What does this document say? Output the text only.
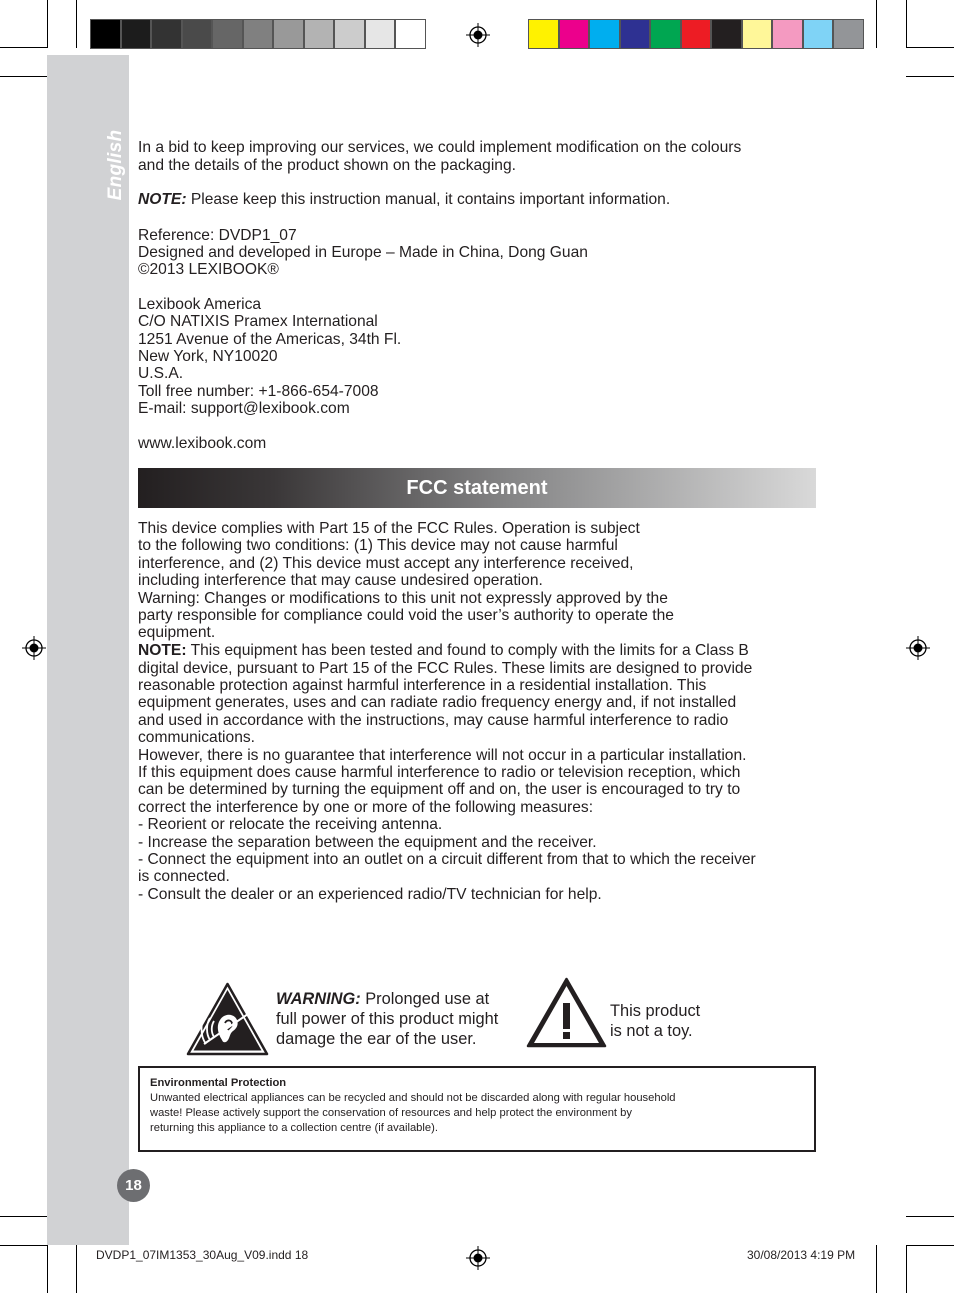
English In a bid to keep improving our services, we could implement modification on the colours
and the details of the product shown on the packaging.
NOTE: Please keep this instruction manual, it contains important information.
Reference: DVDP1_07
Designed and developed in Europe – Made in China, Dong Guan
©2013 LEXIBOOK®
Lexibook America
C/O NATIXIS Pramex International
1251 Avenue of the Americas, 34th Fl.
New York, NY10020
U.S.A.
Toll free number: +1-866-654-7008
E-mail: support@lexibook.com
www.lexibook.com
FCC statement
This device complies with Part 15 of the FCC Rules. Operation is subject
to the following two conditions: (1) This device may not cause harmful
interference, and (2) This device must accept any interference received,
including interference that may cause undesired operation.
Warning: Changes or modifications to this unit not expressly approved by the
party responsible for compliance could void the user’s authority to operate the
equipment.
NOTE: This equipment has been tested and found to comply with the limits for a Class B
digital device, pursuant to Part 15 of the FCC Rules. These limits are designed to provide
reasonable protection against harmful interference in a residential installation. This
equipment generates, uses and can radiate radio frequency energy and, if not installed
and used in accordance with the instructions, may cause harmful interference to radio
communications.
However, there is no guarantee that interference will not occur in a particular installation.
If this equipment does cause harmful interference to radio or television reception, which
can be determined by turning the equipment off and on, the user is encouraged to try to
correct the interference by one or more of the following measures:
- Reorient or relocate the receiving antenna.
- Increase the separation between the equipment and the receiver.
- Connect the equipment into an outlet on a circuit different from that to which the receiver
is connected.
- Consult the dealer or an experienced radio/TV technician for help.
WARNING: Prolonged use at
full power of this product might
damage the ear of the user.
This product
is not a toy.
Environmental Protection
Unwanted electrical appliances can be recycled and should not be discarded along with regular household
waste! Please actively support the conservation of resources and help protect the environment by
returning this appliance to a collection centre (if available).
18
DVDP1_07IM1353_30Aug_V09.indd 18	30/08/2013 4:19 PM
